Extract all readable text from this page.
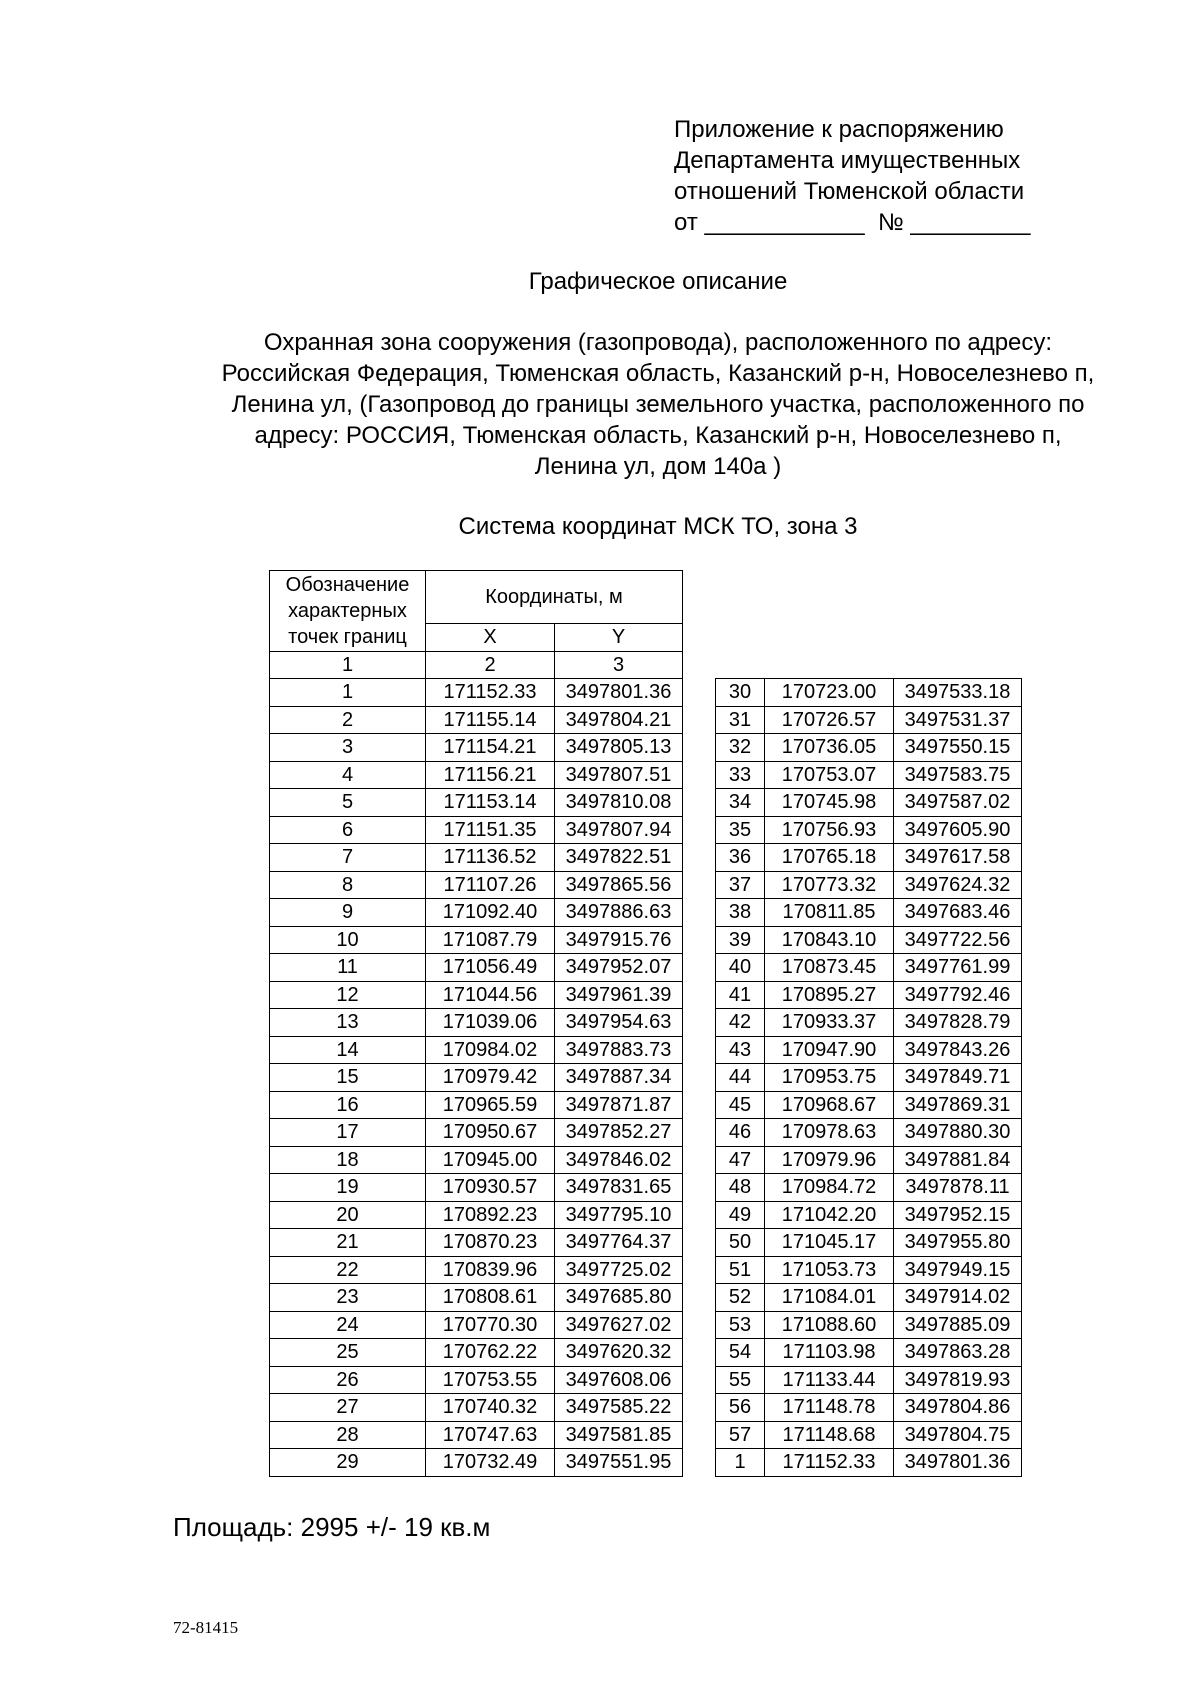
Приложение к распоряжению
Департамента имущественных
отношений Тюменской области
от ____________  № _________
Графическое описание
Охранная зона сооружения (газопровода), расположенного по адресу:
Российская Федерация, Тюменская область, Казанский р-н, Новоселезнево п,
Ленина ул, (Газопровод до границы земельного участка, расположенного по
адресу: РОССИЯ, Тюменская область, Казанский р-н, Новоселезнево п,
Ленина ул, дом 140а )
Система координат МСК ТО, зона 3
Обозначение характерных точек границ	Координаты, м	
	X	Y
1	2	3
1	171152.33	3497801.36
2	171155.14	3497804.21
3	171154.21	3497805.13
4	171156.21	3497807.51
5	171153.14	3497810.08
6	171151.35	3497807.94
7	171136.52	3497822.51
8	171107.26	3497865.56
9	171092.40	3497886.63
10	171087.79	3497915.76
11	171056.49	3497952.07
12	171044.56	3497961.39
13	171039.06	3497954.63
14	170984.02	3497883.73
15	170979.42	3497887.34
16	170965.59	3497871.87
17	170950.67	3497852.27
18	170945.00	3497846.02
19	170930.57	3497831.65
20	170892.23	3497795.10
21	170870.23	3497764.37
22	170839.96	3497725.02
23	170808.61	3497685.80
24	170770.30	3497627.02
25	170762.22	3497620.32
26	170753.55	3497608.06
27	170740.32	3497585.22
28	170747.63	3497581.85
29	170732.49	3497551.95
30	170723.00	3497533.18
31	170726.57	3497531.37
32	170736.05	3497550.15
33	170753.07	3497583.75
34	170745.98	3497587.02
35	170756.93	3497605.90
36	170765.18	3497617.58
37	170773.32	3497624.32
38	170811.85	3497683.46
39	170843.10	3497722.56
40	170873.45	3497761.99
41	170895.27	3497792.46
42	170933.37	3497828.79
43	170947.90	3497843.26
44	170953.75	3497849.71
45	170968.67	3497869.31
46	170978.63	3497880.30
47	170979.96	3497881.84
48	170984.72	3497878.11
49	171042.20	3497952.15
50	171045.17	3497955.80
51	171053.73	3497949.15
52	171084.01	3497914.02
53	171088.60	3497885.09
54	171103.98	3497863.28
55	171133.44	3497819.93
56	171148.78	3497804.86
57	171148.68	3497804.75
1	171152.33	3497801.36
Площадь: 2995 +/- 19 кв.м
72-81415
